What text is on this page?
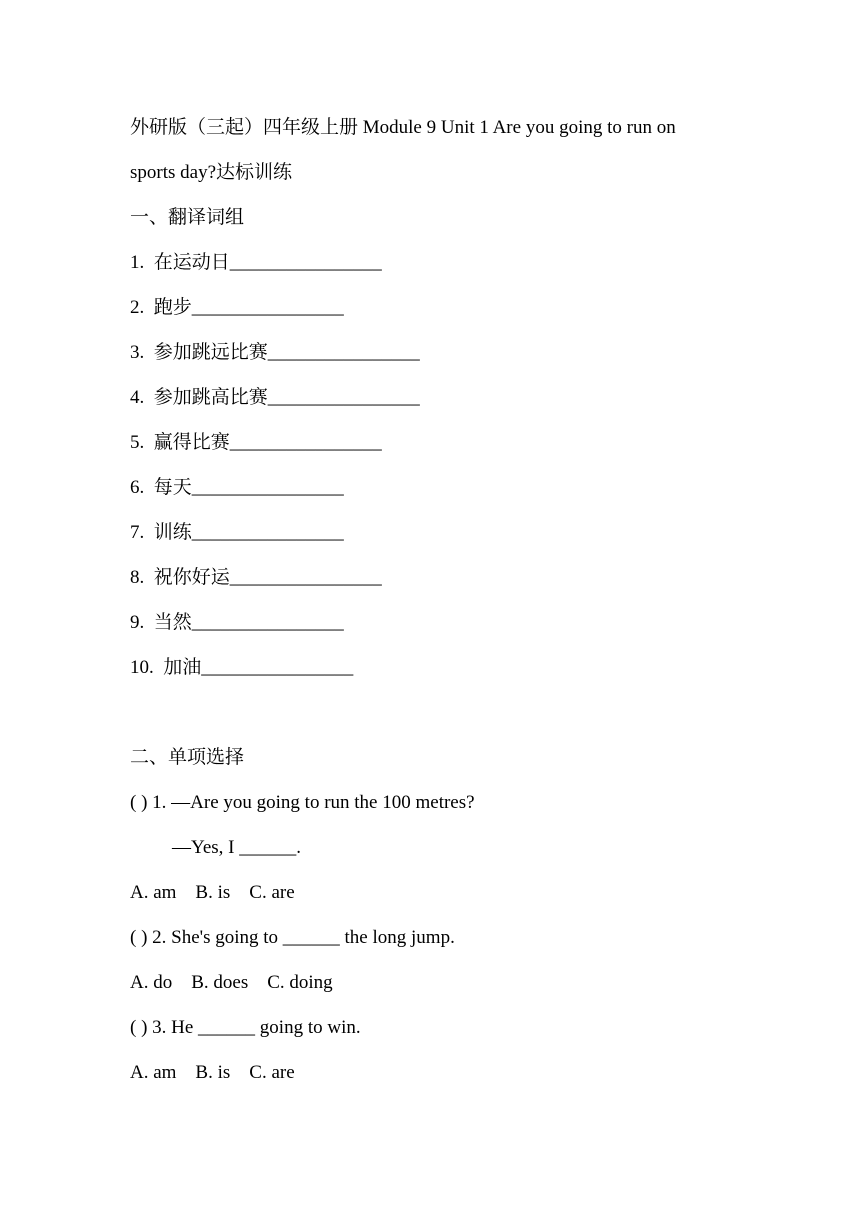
外研版（三起）四年级上册 Module 9 Unit 1 Are you going to run on
sports day?达标训练
一、翻译词组
1.  在运动日________________
2.  跑步________________
3.  参加跳远比赛________________
4.  参加跳高比赛________________
5.  赢得比赛________________
6.  每天________________
7.  训练________________
8.  祝你好运________________
9.  当然________________
10.  加油________________
二、单项选择
( ) 1. —Are you going to run the 100 metres?
—Yes, I ______.
A. am    B. is    C. are
( ) 2. She's going to ______ the long jump.
A. do    B. does    C. doing
( ) 3. He ______ going to win.
A. am    B. is    C. are
